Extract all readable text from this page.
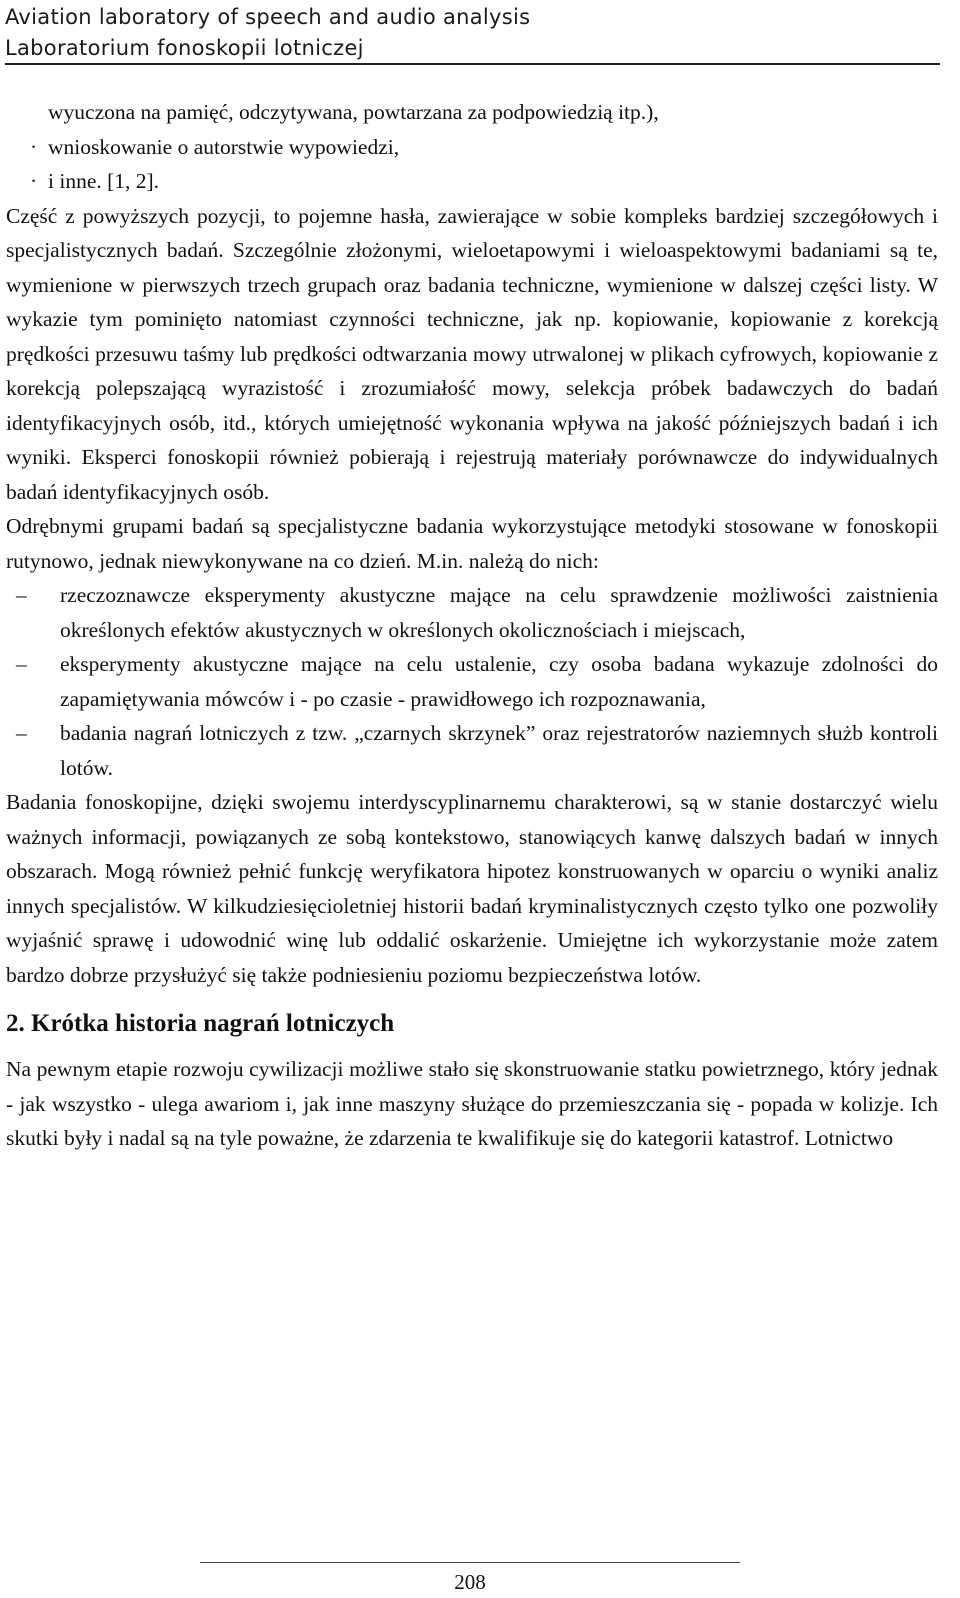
Aviation laboratory of speech and audio analysis
Laboratorium fonoskopii lotniczej

wyuczona na pamięć, odczytywana, powtarzana za podpowiedzią itp.),

· wnioskowanie o autorstwie wypowiedzi,
· i inne. [1, 2].

Część z powyższych pozycji, to pojemne hasła, zawierające w sobie kompleks bardziej szczegółowych i specjalistycznych badań. Szczególnie złożonymi, wieloetapowymi i wieloaspektowymi badaniami są te, wymienione w pierwszych trzech grupach oraz badania techniczne, wymienione w dalszej części listy. W wykazie tym pominięto natomiast czynności techniczne, jak np. kopiowanie, kopiowanie z korekcją prędkości przesuwu taśmy lub prędkości odtwarzania mowy utrwalonej w plikach cyfrowych, kopiowanie z korekcją polepszającą wyrazistość i zrozumiałość mowy, selekcja próbek badawczych do badań identyfikacyjnych osób, itd., których umiejętność wykonania wpływa na jakość późniejszych badań i ich wyniki. Eksperci fonoskopii również pobierają i rejestrują materiały porównawcze do indywidualnych badań identyfikacyjnych osób.

Odrębnymi grupami badań są specjalistyczne badania wykorzystujące metodyki stosowane w fonoskopii rutynowo, jednak niewykonywane na co dzień. M.in. należą do nich:

– rzeczoznawcze eksperymenty akustyczne mające na celu sprawdzenie możliwości zaistnienia określonych efektów akustycznych w określonych okolicznościach i miejscach,
– eksperymenty akustyczne mające na celu ustalenie, czy osoba badana wykazuje zdolności do zapamiętywania mówców i - po czasie - prawidłowego ich rozpoznawania,
– badania nagrań lotniczych z tzw. „czarnych skrzynek” oraz rejestratorów naziemnych służb kontroli lotów.

Badania fonoskopijne, dzięki swojemu interdyscyplinarnemu charakterowi, są w stanie dostarczyć wielu ważnych informacji, powiązanych ze sobą kontekstowo, stanowiących kanwę dalszych badań w innych obszarach. Mogą również pełnić funkcję weryfikatora hipotez konstruowanych w oparciu o wyniki analiz innych specjalistów. W kilkudziesięcioletniej historii badań kryminalistycznych często tylko one pozwoliły wyjaśnić sprawę i udowodnić winę lub oddalić oskarżenie. Umiejętne ich wykorzystanie może zatem bardzo dobrze przysłużyć się także podniesieniu poziomu bezpieczeństwa lotów.

2. Krótka historia nagrań lotniczych

Na pewnym etapie rozwoju cywilizacji możliwe stało się skonstruowanie statku powietrznego, który jednak - jak wszystko - ulega awariom i, jak inne maszyny służące do przemieszczania się - popada w kolizje. Ich skutki były i nadal są na tyle poważne, że zdarzenia te kwalifikuje się do kategorii katastrof. Lotnictwo

208
